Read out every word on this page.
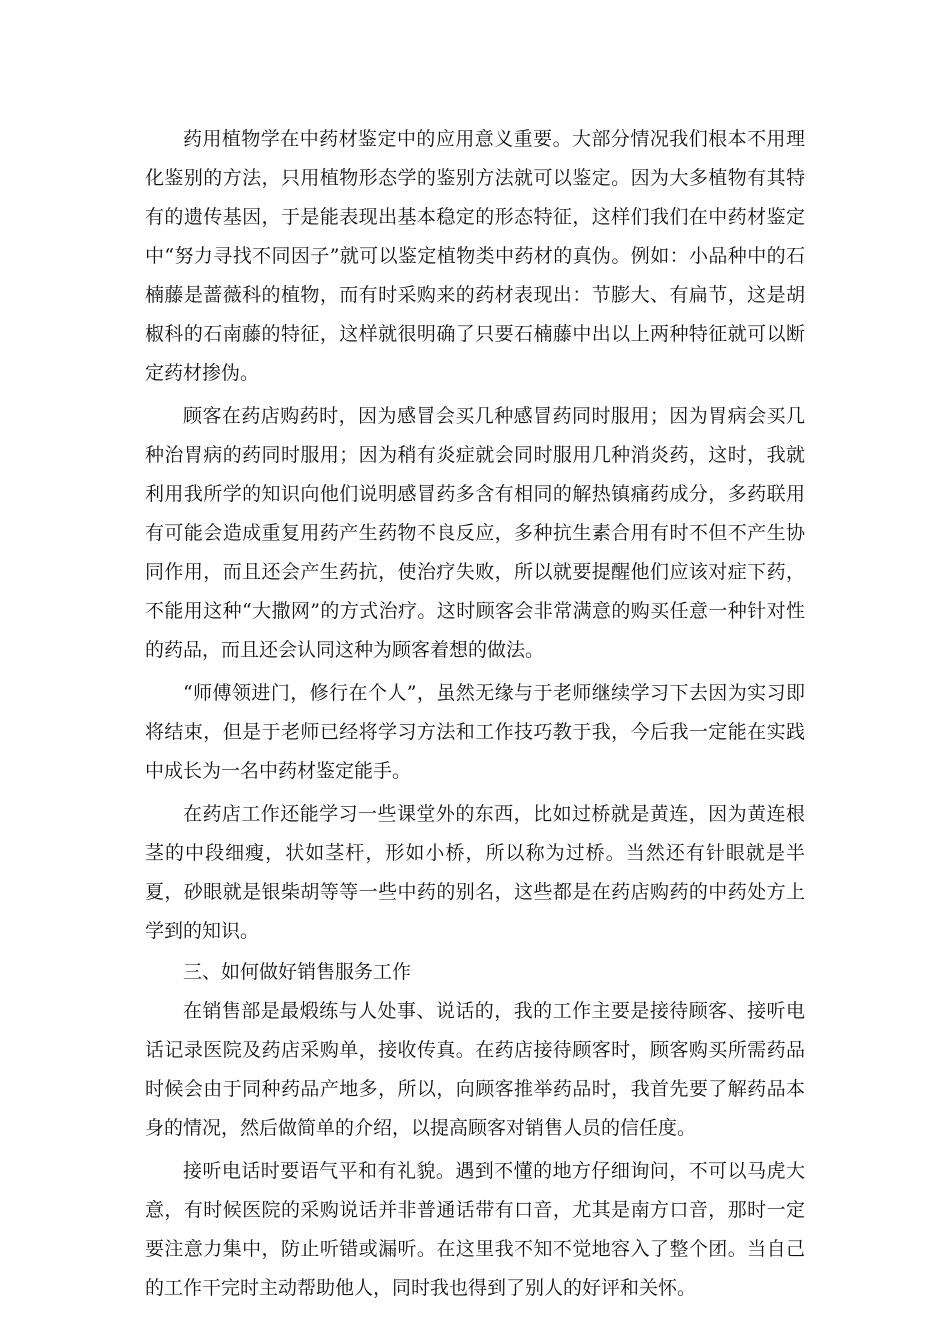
药用植物学在中药材鉴定中的应用意义重要。大部分情况我们根本不用理化鉴别的方法，只用植物形态学的鉴别方法就可以鉴定。因为大多植物有其特有的遗传基因，于是能表现出基本稳定的形态特征，这样们我们在中药材鉴定中“努力寻找不同因子”就可以鉴定植物类中药材的真伪。例如：小品种中的石楠藤是蔷薇科的植物，而有时采购来的药材表现出：节膨大、有扁节，这是胡椒科的石南藤的特征，这样就很明确了只要石楠藤中出以上两种特征就可以断定药材掺伪。

顾客在药店购药时，因为感冒会买几种感冒药同时服用；因为胃病会买几种治胃病的药同时服用；因为稍有炎症就会同时服用几种消炎药，这时，我就利用我所学的知识向他们说明感冒药多含有相同的解热镇痛药成分，多药联用有可能会造成重复用药产生药物不良反应，多种抗生素合用有时不但不产生协同作用，而且还会产生药抗，使治疗失败，所以就要提醒他们应该对症下药，不能用这种“大撒网”的方式治疗。这时顾客会非常满意的购买任意一种针对性的药品，而且还会认同这种为顾客着想的做法。

“师傅领进门，修行在个人”，虽然无缘与于老师继续学习下去因为实习即将结束，但是于老师已经将学习方法和工作技巧教于我，今后我一定能在实践中成长为一名中药材鉴定能手。

在药店工作还能学习一些课堂外的东西，比如过桥就是黄连，因为黄连根茎的中段细瘦，状如茎杆，形如小桥，所以称为过桥。当然还有针眼就是半夏，砂眼就是银柴胡等等一些中药的别名，这些都是在药店购药的中药处方上学到的知识。

三、如何做好销售服务工作

在销售部是最煅练与人处事、说话的，我的工作主要是接待顾客、接听电话记录医院及药店采购单，接收传真。在药店接待顾客时，顾客购买所需药品时候会由于同种药品产地多，所以，向顾客推举药品时，我首先要了解药品本身的情况，然后做简单的介绍，以提高顾客对销售人员的信任度。

接听电话时要语气平和有礼貌。遇到不懂的地方仔细询问，不可以马虎大意，有时候医院的采购说话并非普通话带有口音，尤其是南方口音，那时一定要注意力集中，防止听错或漏听。在这里我不知不觉地容入了整个团。当自己的工作干完时主动帮助他人，同时我也得到了别人的好评和关怀。
